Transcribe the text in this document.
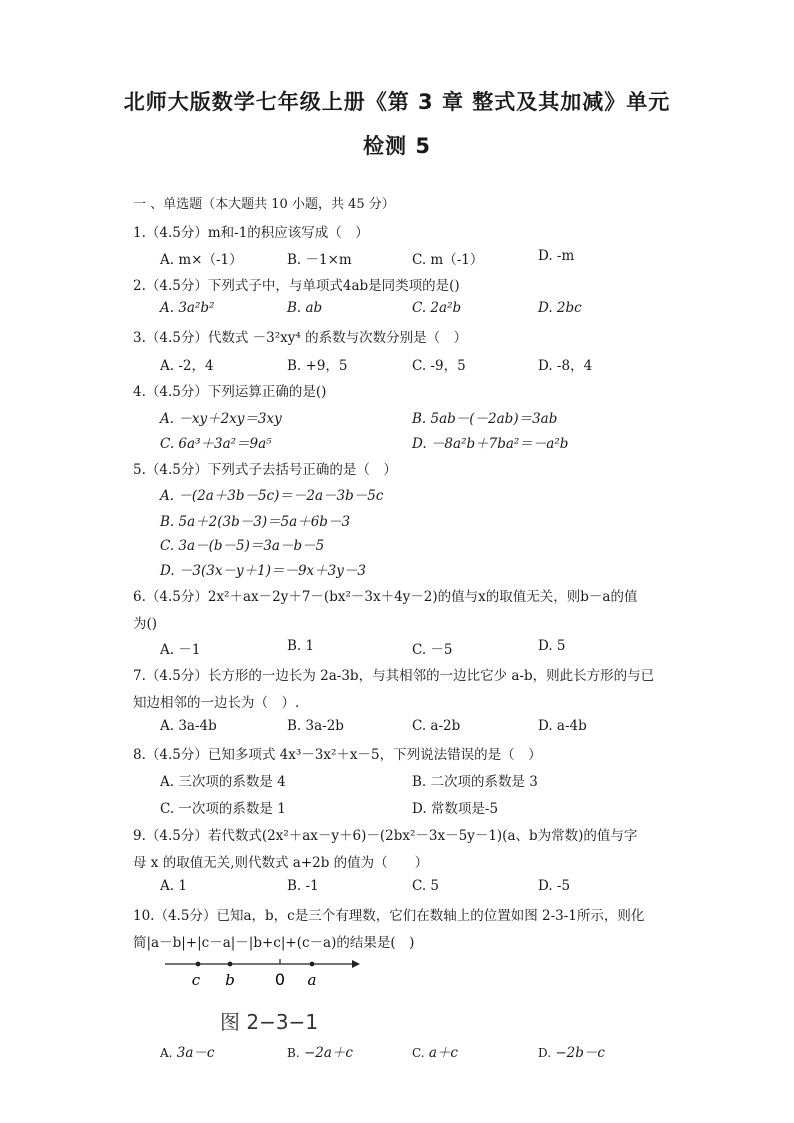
北师大版数学七年级上册《第 3 章 整式及其加减》单元
检测 5
一 、单选题（本大题共 10 小题，共 45 分）
1.（4.5分）m和-1的积应该写成（　）
A. m×（-1）	B. －1×m	C. m（-1）	D. -m
2.（4.5分）下列式子中，与单项式4ab是同类项的是()
A. 3a²b²	B. ab	C. 2a²b	D. 2bc
3.（4.5分）代数式 －3²xy⁴ 的系数与次数分别是（　）
A. -2，4	B. +9，5	C. -9，5	D. -8，4
4.（4.5分）下列运算正确的是()
A. －xy＋2xy＝3xy	B. 5ab－(－2ab)＝3ab
C. 6a³＋3a²＝9a⁵	D. －8a²b＋7ba²＝－a²b
5.（4.5分）下列式子去括号正确的是（　）
A. －(2a＋3b－5c)＝－2a－3b－5c
B. 5a＋2(3b－3)＝5a＋6b－3
C. 3a－(b－5)＝3a－b－5
D. －3(3x－y＋1)＝－9x＋3y－3
6.（4.5分）2x²＋ax－2y＋7－(bx²－3x＋4y－2)的值与x的取值无关，则b－a的值
为()
A. －1	B. 1	C. －5	D. 5
7.（4.5分）长方形的一边长为 2a-3b，与其相邻的一边比它少 a-b，则此长方形的与已
知边相邻的一边长为（　）.
A. 3a-4b	B. 3a-2b	C. a-2b	D. a-4b
8.（4.5分）已知多项式 4x³－3x²＋x－5，下列说法错误的是（　）
A. 三次项的系数是 4	B. 二次项的系数是 3
C. 一次项的系数是 1	D. 常数项是-5
9.（4.5分）若代数式(2x²＋ax－y＋6)－(2bx²－3x－5y－1)(a、b为常数)的值与字
母 x 的取值无关,则代数式 a+2b 的值为（　　）
A. 1	B. -1	C. 5	D. -5
10.（4.5分）已知a，b，c是三个有理数，它们在数轴上的位置如图 2-3-1所示，则化
简|a－b|+|c－a|－|b+c|+(c－a)的结果是(　)
c b	0 a
图 2−3−1
A. 3a－c	B. −2a＋c	C. a＋c	D. −2b－c
